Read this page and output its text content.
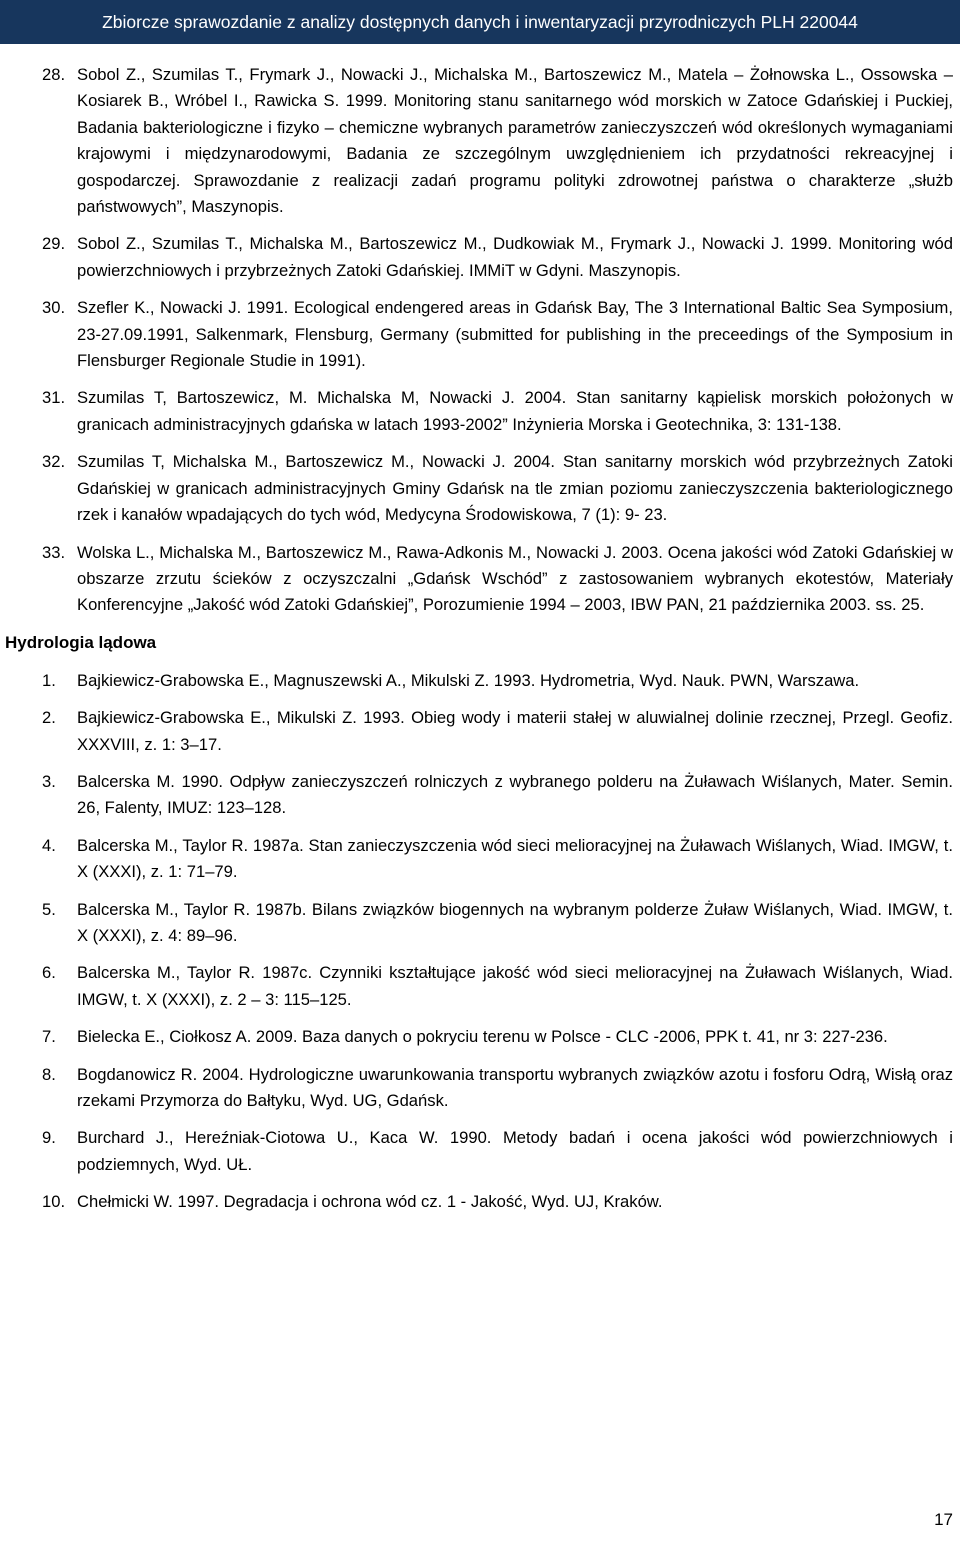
Zbiorcze sprawozdanie z analizy dostępnych danych i inwentaryzacji przyrodniczych PLH 220044
28. Sobol Z., Szumilas T., Frymark J., Nowacki J., Michalska M., Bartoszewicz M., Matela – Żołnowska L., Ossowska – Kosiarek B., Wróbel I., Rawicka S. 1999. Monitoring stanu sanitarnego wód morskich w Zatoce Gdańskiej i Puckiej, Badania bakteriologiczne i fizyko – chemiczne wybranych parametrów zanieczyszczeń wód określonych wymaganiami krajowymi i międzynarodowymi, Badania ze szczególnym uwzględnieniem ich przydatności rekreacyjnej i gospodarczej. Sprawozdanie z realizacji zadań programu polityki zdrowotnej państwa o charakterze „służb państwowych”, Maszynopis.
29. Sobol Z., Szumilas T., Michalska M., Bartoszewicz M., Dudkowiak M., Frymark J., Nowacki J. 1999. Monitoring wód powierzchniowych i przybrzeżnych Zatoki Gdańskiej. IMMiT w Gdyni. Maszynopis.
30. Szefler K., Nowacki J. 1991. Ecological endengered areas in Gdańsk Bay, The 3 International Baltic Sea Symposium, 23-27.09.1991, Salkenmark, Flensburg, Germany (submitted for publishing in the preceedings of the Symposium in Flensburger Regionale Studie in 1991).
31. Szumilas T, Bartoszewicz, M. Michalska M, Nowacki J. 2004. Stan sanitarny kąpielisk morskich położonych w granicach administracyjnych gdańska w latach 1993-2002” Inżynieria Morska i Geotechnika, 3: 131-138.
32. Szumilas T, Michalska M., Bartoszewicz M., Nowacki J. 2004. Stan sanitarny morskich wód przybrzeżnych Zatoki Gdańskiej w granicach administracyjnych Gminy Gdańsk na tle zmian poziomu zanieczyszczenia bakteriologicznego rzek i kanałów wpadających do tych wód, Medycyna Środowiskowa, 7 (1): 9- 23.
33. Wolska L., Michalska M., Bartoszewicz M., Rawa-Adkonis M., Nowacki J. 2003. Ocena jakości wód Zatoki Gdańskiej w obszarze zrzutu ścieków z oczyszczalni „Gdańsk Wschód” z zastosowaniem wybranych ekotestów, Materiały Konferencyjne „Jakość wód Zatoki Gdańskiej”, Porozumienie 1994 – 2003, IBW PAN, 21 października 2003. ss. 25.
Hydrologia lądowa
1.	Bajkiewicz-Grabowska E., Magnuszewski A., Mikulski Z. 1993. Hydrometria, Wyd. Nauk. PWN, Warszawa.
2.	Bajkiewicz-Grabowska E., Mikulski Z. 1993. Obieg wody i materii stałej w aluwialnej dolinie rzecznej, Przegl. Geofiz. XXXVIII, z. 1: 3–17.
3.	Balcerska M. 1990. Odpływ zanieczyszczeń rolniczych z wybranego polderu na Żuławach Wiślanych, Mater. Semin. 26, Falenty, IMUZ: 123–128.
4.	Balcerska M., Taylor R. 1987a. Stan zanieczyszczenia wód sieci melioracyjnej na Żuławach Wiślanych, Wiad. IMGW, t. X (XXXI), z. 1: 71–79.
5.	Balcerska M., Taylor R. 1987b. Bilans związków biogennych na wybranym polderze Żuław Wiślanych, Wiad. IMGW, t. X (XXXI), z. 4: 89–96.
6.	Balcerska M., Taylor R. 1987c. Czynniki kształtujące jakość wód sieci melioracyjnej na Żuławach Wiślanych, Wiad. IMGW, t. X (XXXI), z. 2 – 3: 115–125.
7.	Bielecka E., Ciołkosz A. 2009. Baza danych o pokryciu terenu w Polsce - CLC -2006, PPK t. 41, nr 3: 227-236.
8.	Bogdanowicz R. 2004. Hydrologiczne uwarunkowania transportu wybranych związków azotu i fosforu Odrą, Wisłą oraz rzekami Przymorza do Bałtyku, Wyd. UG, Gdańsk.
9.	Burchard J., Hereźniak-Ciotowa U., Kaca W. 1990. Metody badań i ocena jakości wód powierzchniowych i podziemnych, Wyd. UŁ.
10. Chełmicki W. 1997. Degradacja i ochrona wód cz. 1 - Jakość, Wyd. UJ, Kraków.
17
